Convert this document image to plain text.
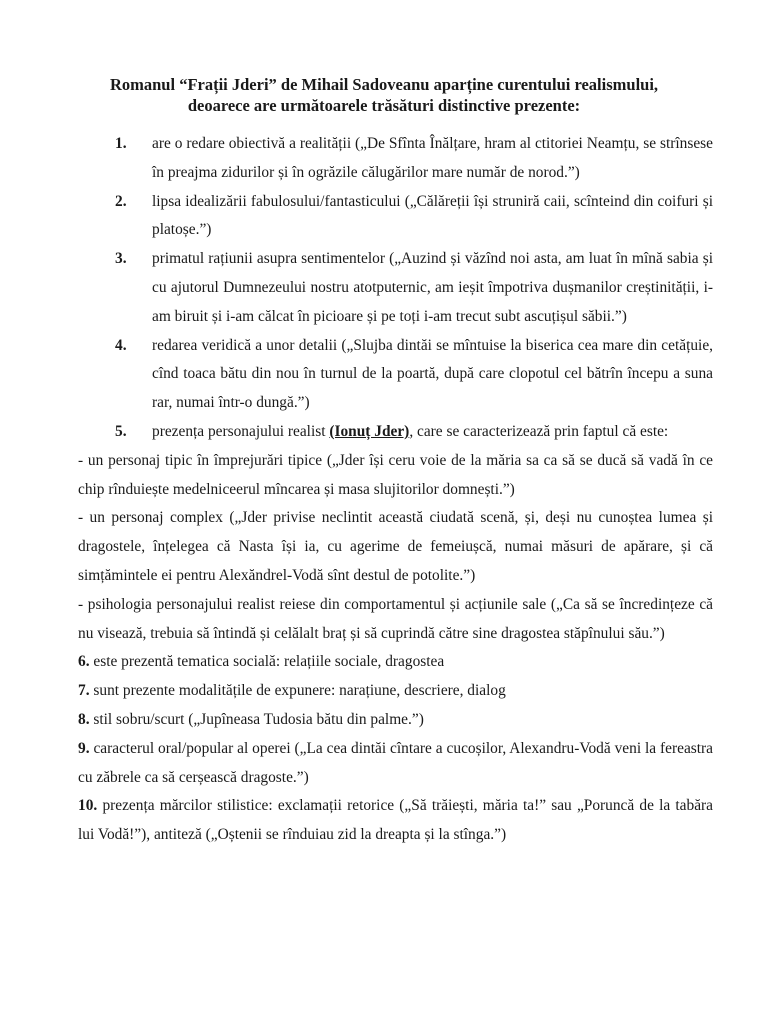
Romanul “Frații Jderi” de Mihail Sadoveanu aparține curentului realismului,
deoarece are următoarele trăsături distinctive prezente:
1. are o redare obiectivă a realității („De Sfînta Înălțare, hram al ctitoriei Neamțu, se strînsese în preajma zidurilor și în ogrăzile călugărilor mare număr de norod.”)
2. lipsa idealizării fabulosului/fantasticului („Călăreții își struniră caii, scînteind din coifuri și platoșe.”)
3. primatul rațiunii asupra sentimentelor („Auzind și văzînd noi asta, am luat în mînă sabia și cu ajutorul Dumnezeului nostru atotputernic, am ieșit împotriva dușmanilor creștinității, i-am biruit și i-am călcat în picioare și pe toți i-am trecut subt ascuțișul săbii.”)
4. redarea veridică a unor detalii („Slujba dintăi se mîntuise la biserica cea mare din cetățuie, cînd toaca bătu din nou în turnul de la poartă, după care clopotul cel bătrîn începu a suna rar, numai într-o dungă.”)
5. prezența personajului realist (Ionuț Jder), care se caracterizează prin faptul că este:
- un personaj tipic în împrejurări tipice („Jder își ceru voie de la măria sa ca să se ducă să vadă în ce chip rînduiește medelniceerul mîncarea și masa slujitorilor domnești.”)
- un personaj complex („Jder privise neclintit această ciudată scenă, și, deși nu cunoștea lumea și dragostele, înțelegea că Nasta își ia, cu agerime de femeiușcă, numai măsuri de apărare, și că simțămintele ei pentru Alexăndrel-Vodă sînt destul de potolite.”)
- psihologia personajului realist reiese din comportamentul și acțiunile sale („Ca să se încredințeze că nu visează, trebuia să întindă și celălalt braț și să cuprindă către sine dragostea stăpînului său.”)
6. este prezentă tematica socială: relațiile sociale, dragostea
7. sunt prezente modalitățile de expunere: narațiune, descriere, dialog
8. stil sobru/scurt („Jupîneasa Tudosia bătu din palme.”)
9. caracterul oral/popular al operei („La cea dintăi cîntare a cucoșilor, Alexandru-Vodă veni la fereastra cu zăbrele ca să cerșească dragoste.”)
10. prezența mărcilor stilistice: exclamații retorice („Să trăiești, măria ta!” sau „Poruncă de la tabăra lui Vodă!”), antiteză („Oștenii se rînduiau zid la dreapta și la stînga.”)
